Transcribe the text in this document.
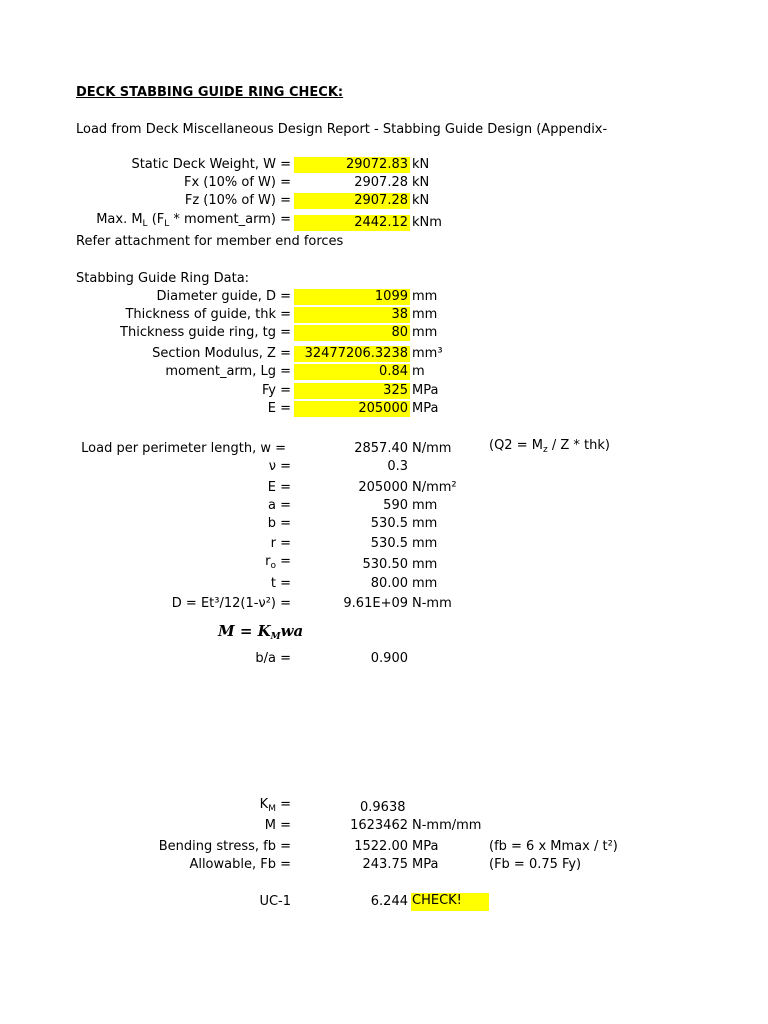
DECK STABBING GUIDE RING CHECK:
Load from Deck Miscellaneous Design Report - Stabbing Guide Design (Appendix-
Static Deck Weight, W =	29072.83 kN
Fx (10% of W) =	2907.28 kN
Fz (10% of W) =	2907.28 kN
Max. $M_L$ ($F_L$ * moment_arm) =	2442.12 kNm
Refer attachment for member end forces
Stabbing Guide Ring Data:
Diameter guide, D =	1099 mm
Thickness of guide, thk =	38 mm
Thickness guide ring, tg =	80 mm
Section Modulus, Z =	32477206.3238 mm³
moment_arm, Lg =	0.84 m
Fy =	325 MPa
E =	205000 MPa
Load per perimeter length, w =	2857.40 N/mm	$(Q2 = M_z / Z * thk)$
ν =	0.3
E =	205000 N/mm²
a =	590 mm
b =	530.5 mm
r =	530.5 mm
$r_o$ =	530.50 mm
t =	80.00 mm
D = Et³/12(1-ν²) =	9.61E+09 N-mm
$M = K_Mwa$
b/a =	0.900
$K_M$ =	0.9638
M =	1623462 N-mm/mm
Bending stress, fb =	1522.00 MPa	(fb = 6 x Mmax / t²)
Allowable, Fb =	243.75 MPa	(Fb = 0.75 Fy)
UC-1	6.244 CHECK!
